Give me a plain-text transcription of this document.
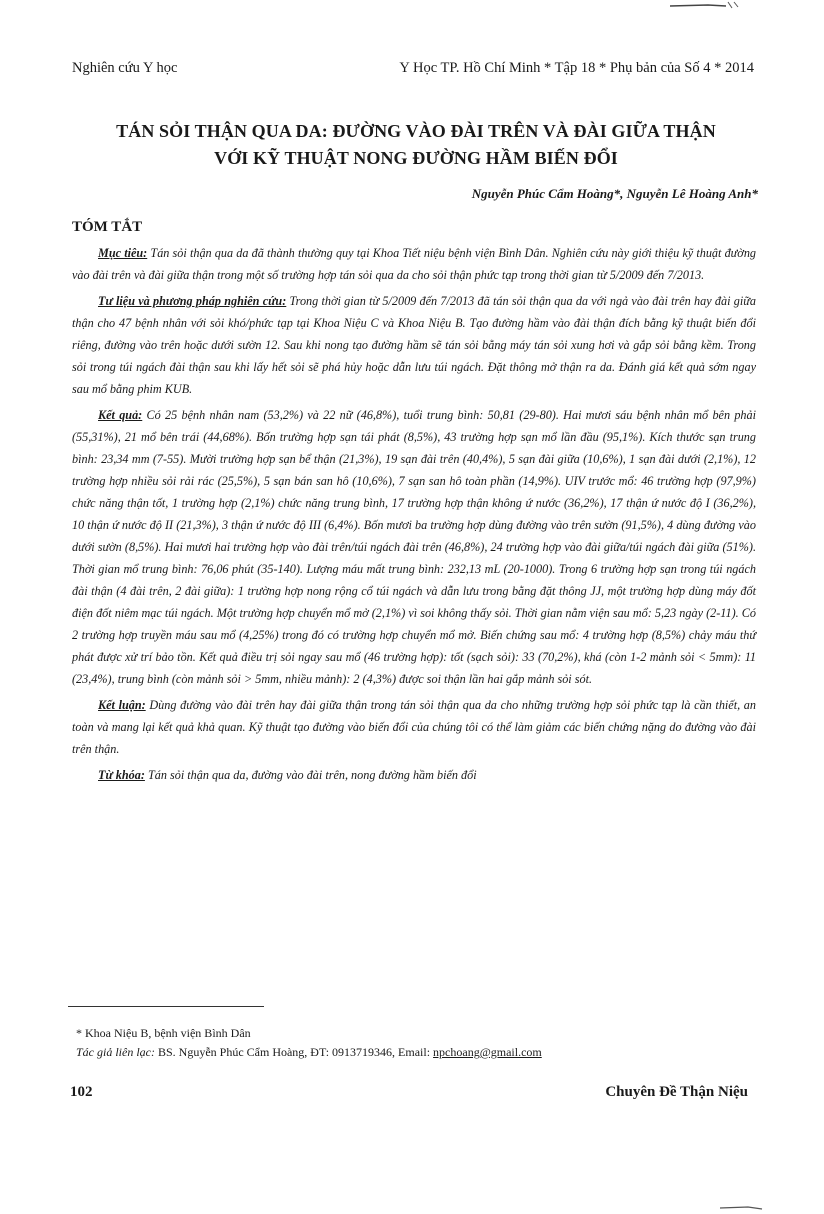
Nghiên cứu Y học	Y Học TP. Hồ Chí Minh * Tập 18 * Phụ bản của Số 4 * 2014
TÁN SỎI THẬN QUA DA: ĐƯỜNG VÀO ĐÀI TRÊN VÀ ĐÀI GIỮA THẬN
VỚI KỸ THUẬT NONG ĐƯỜNG HẦM BIẾN ĐỔI
Nguyễn Phúc Cẩm Hoàng*, Nguyễn Lê Hoàng Anh*
TÓM TẮT

Mục tiêu: Tán sỏi thận qua da đã thành thường quy tại Khoa Tiết niệu bệnh viện Bình Dân. Nghiên cứu này giới thiệu kỹ thuật đường vào đài trên và đài giữa thận trong một số trường hợp tán sỏi qua da cho sỏi thận phức tạp trong thời gian từ 5/2009 đến 7/2013.

Tư liệu và phương pháp nghiên cứu: Trong thời gian từ 5/2009 đến 7/2013 đã tán sỏi thận qua da với ngả vào đài trên hay đài giữa thận cho 47 bệnh nhân với sỏi khó/phức tạp tại Khoa Niệu C và Khoa Niệu B. Tạo đường hầm vào đài thận đích bằng kỹ thuật biến đổi riêng, đường vào trên hoặc dưới sườn 12. Sau khi nong tạo đường hầm sẽ tán sỏi bằng máy tán sỏi xung hơi và gắp sỏi bằng kềm. Trong sỏi trong túi ngách đài thận sau khi lấy hết sỏi sẽ phá hủy hoặc dẫn lưu túi ngách. Đặt thông mở thận ra da. Đánh giá kết quả sớm ngay sau mổ bằng phim KUB.

Kết quả: Có 25 bệnh nhân nam (53,2%) và 22 nữ (46,8%), tuổi trung bình: 50,81 (29-80). Hai mươi sáu bệnh nhân mổ bên phải (55,31%), 21 mổ bên trái (44,68%). Bốn trường hợp sạn tái phát (8,5%), 43 trường hợp sạn mổ lần đầu (95,1%). Kích thước sạn trung bình: 23,34 mm (7-55). Mười trường hợp sạn bể thận (21,3%), 19 sạn đài trên (40,4%), 5 sạn đài giữa (10,6%), 1 sạn đài dưới (2,1%), 12 trường hợp nhiều sỏi rải rác (25,5%), 5 sạn bán san hô (10,6%), 7 sạn san hô toàn phần (14,9%). UIV trước mổ: 46 trường hợp (97,9%) chức năng thận tốt, 1 trường hợp (2,1%) chức năng trung bình, 17 trường hợp thận không ứ nước (36,2%), 17 thận ứ nước độ I (36,2%), 10 thận ứ nước độ II (21,3%), 3 thận ứ nước độ III (6,4%). Bốn mươi ba trường hợp dùng đường vào trên sườn (91,5%), 4 dùng đường vào dưới sườn (8,5%). Hai mươi hai trường hợp vào đài trên/túi ngách đài trên (46,8%), 24 trường hợp vào đài giữa/túi ngách đài giữa (51%). Thời gian mổ trung bình: 76,06 phút (35-140). Lượng máu mất trung bình: 232,13 mL (20-1000). Trong 6 trường hợp sạn trong túi ngách đài thận (4 đài trên, 2 đài giữa): 1 trường hợp nong rộng cổ túi ngách và dẫn lưu trong bằng đặt thông JJ, một trường hợp dùng máy đốt điện đốt niêm mạc túi ngách. Một trường hợp chuyển mổ mở (2,1%) vì soi không thấy sỏi. Thời gian nằm viện sau mổ: 5,23 ngày (2-11). Có 2 trường hợp truyền máu sau mổ (4,25%) trong đó có trường hợp chuyển mổ mở. Biến chứng sau mổ: 4 trường hợp (8,5%) chảy máu thứ phát được xử trí bảo tồn. Kết quả điều trị sỏi ngay sau mổ (46 trường hợp): tốt (sạch sỏi): 33 (70,2%), khá (còn 1-2 mảnh sỏi < 5mm): 11 (23,4%), trung bình (còn mảnh sỏi > 5mm, nhiều mảnh): 2 (4,3%) được soi thận lần hai gắp mảnh sỏi sót.

Kết luận: Dùng đường vào đài trên hay đài giữa thận trong tán sỏi thận qua da cho những trường hợp sỏi phức tạp là cần thiết, an toàn và mang lại kết quả khả quan. Kỹ thuật tạo đường vào biến đổi của chúng tôi có thể làm giảm các biến chứng nặng do đường vào đài trên thận.

Từ khóa: Tán sỏi thận qua da, đường vào đài trên, nong đường hầm biến đổi

* Khoa Niệu B, bệnh viện Bình Dân
Tác giả liên lạc: BS. Nguyễn Phúc Cẩm Hoàng, ĐT: 0913719346, Email: npchoang@gmail.com
102	Chuyên Đề Thận Niệu
